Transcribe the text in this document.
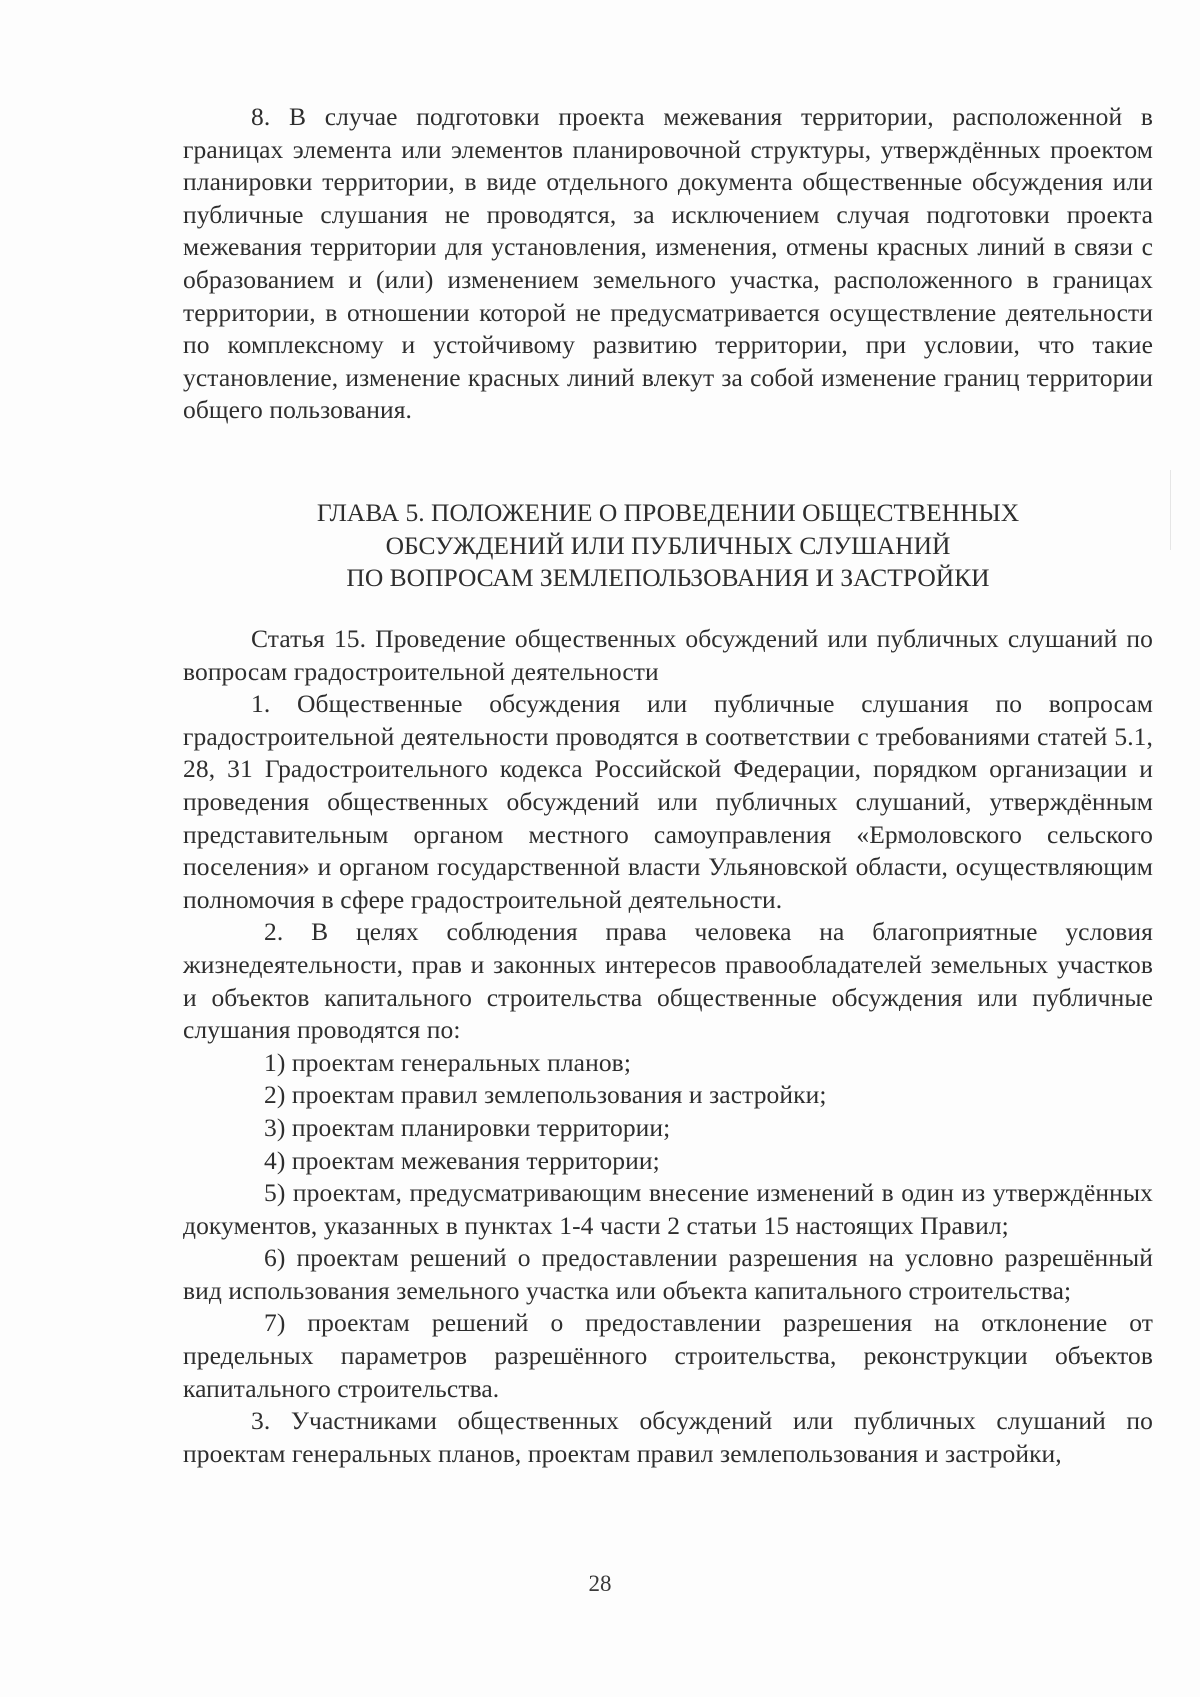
8. В случае подготовки проекта межевания территории, расположенной в границах элемента или элементов планировочной структуры, утверждённых проектом планировки территории, в виде отдельного документа общественные обсуждения или публичные слушания не проводятся, за исключением случая подготовки проекта межевания территории для установления, изменения, отмены красных линий в связи с образованием и (или) изменением земельного участка, расположенного в границах территории, в отношении которой не предусматривается осуществление деятельности по комплексному и устойчивому развитию территории, при условии, что такие установление, изменение красных линий влекут за собой изменение границ территории общего пользования.

ГЛАВА 5. ПОЛОЖЕНИЕ О ПРОВЕДЕНИИ ОБЩЕСТВЕННЫХ
ОБСУЖДЕНИЙ ИЛИ ПУБЛИЧНЫХ СЛУШАНИЙ
ПО ВОПРОСАМ ЗЕМЛЕПОЛЬЗОВАНИЯ И ЗАСТРОЙКИ

Статья 15. Проведение общественных обсуждений или публичных слушаний по вопросам градостроительной деятельности

1. Общественные обсуждения или публичные слушания по вопросам градостроительной деятельности проводятся в соответствии с требованиями статей 5.1, 28, 31 Градостроительного кодекса Российской Федерации, порядком организации и проведения общественных обсуждений или публичных слушаний, утверждённым представительным органом местного самоуправления «Ермоловского сельского поселения» и органом государственной власти Ульяновской области, осуществляющим полномочия в сфере градостроительной деятельности.

2. В целях соблюдения права человека на благоприятные условия жизнедеятельности, прав и законных интересов правообладателей земельных участков и объектов капитального строительства общественные обсуждения или публичные слушания проводятся по:

1) проектам генеральных планов;

2) проектам правил землепользования и застройки;

3) проектам планировки территории;

4) проектам межевания территории;

5) проектам, предусматривающим внесение изменений в один из утверждённых документов, указанных в пунктах 1-4 части 2 статьи 15 настоящих Правил;

6) проектам решений о предоставлении разрешения на условно разрешённый вид использования земельного участка или объекта капитального строительства;

7) проектам решений о предоставлении разрешения на отклонение от предельных параметров разрешённого строительства, реконструкции объектов капитального строительства.

3. Участниками общественных обсуждений или публичных слушаний по проектам генеральных планов, проектам правил землепользования и застройки,

28
